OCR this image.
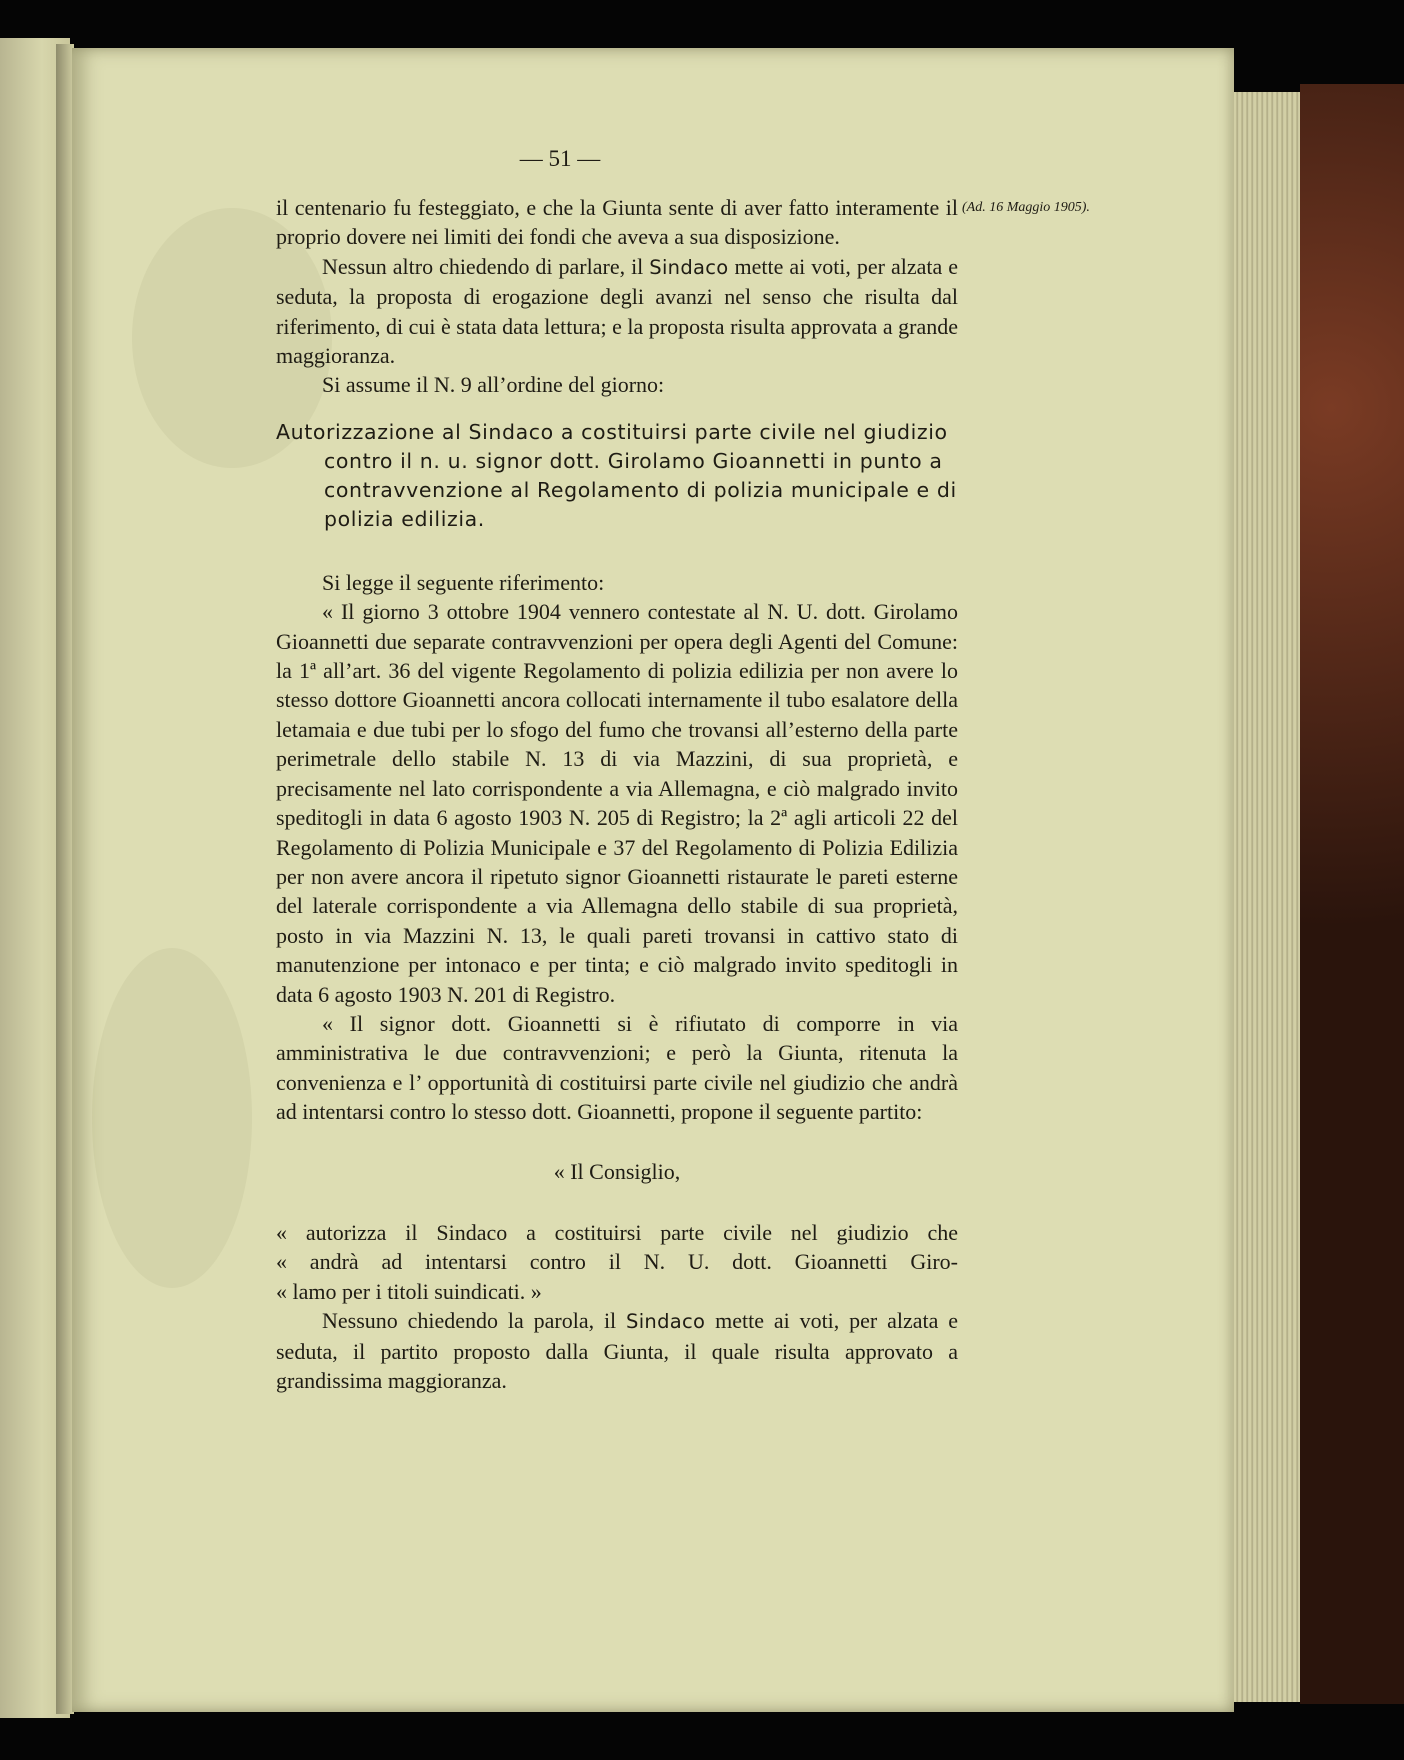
— 51 —
(Ad. 16 Maggio 1905).

il centenario fu festeggiato, e che la Giunta sente di aver fatto interamente il proprio dovere nei limiti dei fondi che aveva a sua disposizione.

Nessun altro chiedendo di parlare, il Sindaco mette ai voti, per alzata e seduta, la proposta di erogazione degli avanzi nel senso che risulta dal riferimento, di cui è stata data lettura; e la proposta risulta approvata a grande maggioranza.

Si assume il N. 9 all’ordine del giorno:

Autorizzazione al Sindaco a costituirsi parte civile nel giudizio contro il n. u. signor dott. Girolamo Gioannetti in punto a contravvenzione al Regolamento di polizia municipale e di polizia edilizia.

Si legge il seguente riferimento:

« Il giorno 3 ottobre 1904 vennero contestate al N. U. dott. Girolamo Gioannetti due separate contravvenzioni per opera degli Agenti del Comune: la 1ª all’art. 36 del vigente Regolamento di polizia edilizia per non avere lo stesso dottore Gioannetti ancora collocati internamente il tubo esalatore della letamaia e due tubi per lo sfogo del fumo che trovansi all’esterno della parte perimetrale dello stabile N. 13 di via Mazzini, di sua proprietà, e precisamente nel lato corrispondente a via Allemagna, e ciò malgrado invito speditogli in data 6 agosto 1903 N. 205 di Registro; la 2ª agli articoli 22 del Regolamento di Polizia Municipale e 37 del Regolamento di Polizia Edilizia per non avere ancora il ripetuto signor Gioannetti ristaurate le pareti esterne del laterale corrispondente a via Allemagna dello stabile di sua proprietà, posto in via Mazzini N. 13, le quali pareti trovansi in cattivo stato di manutenzione per intonaco e per tinta; e ciò malgrado invito speditogli in data 6 agosto 1903 N. 201 di Registro.

« Il signor dott. Gioannetti si è rifiutato di comporre in via amministrativa le due contravvenzioni; e però la Giunta, ritenuta la convenienza e l’ opportunità di costituirsi parte civile nel giudizio che andrà ad intentarsi contro lo stesso dott. Gioannetti, propone il seguente partito:

« Il Consiglio,

« autorizza il Sindaco a costituirsi parte civile nel giudizio che

« andrà ad intentarsi contro il N. U. dott. Gioannetti Giro-

« lamo per i titoli suindicati. »

Nessuno chiedendo la parola, il Sindaco mette ai voti, per alzata e seduta, il partito proposto dalla Giunta, il quale risulta approvato a grandissima maggioranza.
